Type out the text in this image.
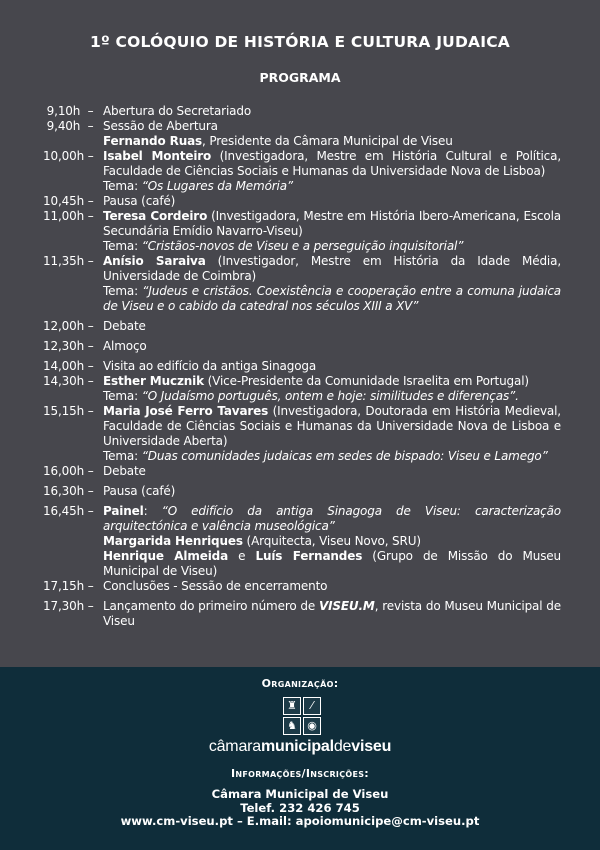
1º COLÓQUIO DE HISTÓRIA E CULTURA JUDAICA
PROGRAMA
9,10h  – Abertura do Secretariado

9,40h  – Sessão de Abertura

Fernando Ruas, Presidente da Câmara Municipal de Viseu

10,00h – Isabel Monteiro (Investigadora, Mestre em História Cultural e Política, Faculdade de Ciências Sociais e Humanas da Universidade Nova de Lisboa)

Tema: “Os Lugares da Memória”

10,45h – Pausa (café)

11,00h – Teresa Cordeiro (Investigadora, Mestre em História Ibero-Americana, Escola Secundária Emídio Navarro-Viseu)

Tema: “Cristãos-novos de Viseu e a perseguição inquisitorial”

11,35h – Anísio Saraiva (Investigador, Mestre em História da Idade Média, Universidade de Coimbra)

Tema: “Judeus e cristãos. Coexistência e cooperação entre a comuna judaica de Viseu e o cabido da catedral nos séculos XIII a XV”

12,00h – Debate

12,30h – Almoço

14,00h – Visita ao edifício da antiga Sinagoga

14,30h – Esther Mucznik (Vice-Presidente da Comunidade Israelita em Portugal)

Tema: “O Judaísmo português, ontem e hoje: similitudes e diferenças”.

15,15h – Maria José Ferro Tavares (Investigadora, Doutorada em História Medieval, Faculdade de Ciências Sociais e Humanas da Universidade Nova de Lisboa e Universidade Aberta)

Tema: “Duas comunidades judaicas em sedes de bispado: Viseu e Lamego”

16,00h – Debate

16,30h – Pausa (café)

16,45h – Painel: “O edifício da antiga Sinagoga de Viseu: caracterização arquitectónica e valência museológica”

Margarida Henriques (Arquitecta, Viseu Novo, SRU)

Henrique Almeida e Luís Fernandes (Grupo de Missão do Museu Municipal de Viseu)

17,15h – Conclusões - Sessão de encerramento

17,30h – Lançamento do primeiro número de VISEU.M, revista do Museu Municipal de Viseu

Organização:
♜	⁄
♞ ◉
câmaramunicipaldeviseu
Informações/Inscrições:
Câmara Municipal de Viseu
Telef. 232 426 745
www.cm-viseu.pt – E.mail: apoiomunicipe@cm-viseu.pt
